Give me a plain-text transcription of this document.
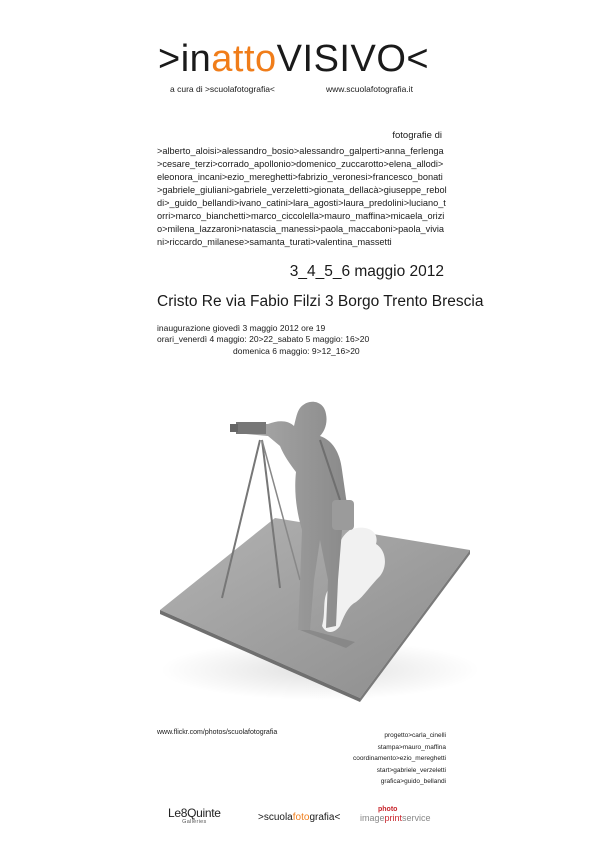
>inattoVISIVO<
a cura di >scuolafotografia<	www.scuolafotografia.it
fotografie di
>alberto_aloisi>alessandro_bosio>alessandro_galperti>anna_ferlenga>cesare_terzi>corrado_apollonio>domenico_zuccarotto>elena_allodi>eleonora_incani>ezio_mereghetti>fabrizio_veronesi>francesco_bonati>gabriele_giuliani>gabriele_verzeletti>gionata_dellacà>giuseppe_reboldi>_guido_bellandi>ivano_catini>lara_agosti>laura_predolini>luciano_torri>marco_bianchetti>marco_ciccolella>mauro_maffina>micaela_orizio>milena_lazzaroni>natascia_manessi>paola_maccaboni>paola_viviani>riccardo_milanese>samanta_turati>valentina_massetti
3_4_5_6 maggio 2012
Cristo Re via Fabio Filzi 3 Borgo Trento Brescia
inaugurazione giovedì 3 maggio 2012 ore 19
orari_venerdì 4 maggio: 20>22_sabato 5 maggio: 16>20
domenica 6 maggio: 9>12_16>20
www.flickr.com/photos/scuolafotografia	progetto>carla_cinelli
stampa>mauro_maffina
coordinamento>ezio_mereghetti
start>gabriele_verzeletti
grafica>guido_bellandi
Le8Quinte
Galleries	>scuolafotografia<
photo
imageprintservice
